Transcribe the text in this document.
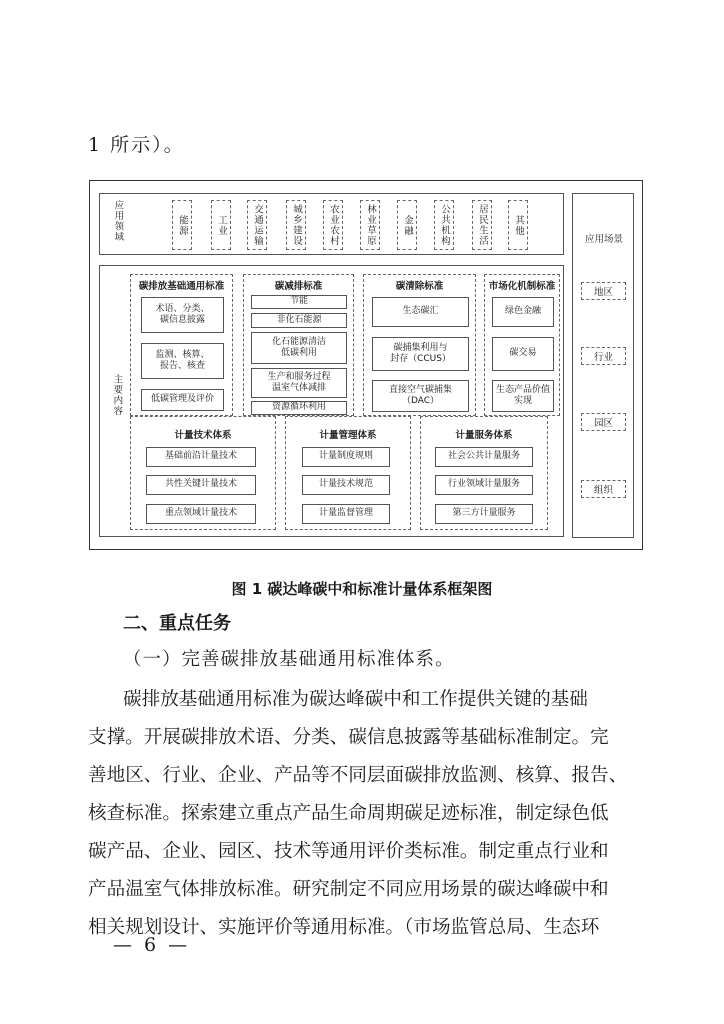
1 所示）。
应用领域	能源	工业	交通运输	城乡建设	农业农村	林业草原	金融	公共机构	居民生活	其他
应用场景
地区
行业
园区
组织
主要内容
碳排放基础通用标准
术语、分类、
碳信息披露
监测、核算、
报告、核查
低碳管理及评价
碳减排标准
节能
非化石能源
化石能源清洁
低碳利用
生产和服务过程
温室气体减排
资源循环利用
碳清除标准
生态碳汇
碳捕集利用与
封存（CCUS）
直接空气碳捕集
（DAC）
市场化机制标准
绿色金融
碳交易
生态产品价值
实现
计量技术体系
基础前沿计量技术
共性关键计量技术
重点领域计量技术
计量管理体系
计量制度规则
计量技术规范
计量监督管理
计量服务体系
社会公共计量服务
行业领域计量服务
第三方计量服务
图 1 碳达峰碳中和标准计量体系框架图
二、重点任务
（一）完善碳排放基础通用标准体系。
碳排放基础通用标准为碳达峰碳中和工作提供关键的基础
支撑。开展碳排放术语、分类、碳信息披露等基础标准制定。完
善地区、行业、企业、产品等不同层面碳排放监测、核算、报告、
核查标准。探索建立重点产品生命周期碳足迹标准，制定绿色低
碳产品、企业、园区、技术等通用评价类标准。制定重点行业和
产品温室气体排放标准。研究制定不同应用场景的碳达峰碳中和
相关规划设计、实施评价等通用标准。（市场监管总局、生态环
— 6 —
